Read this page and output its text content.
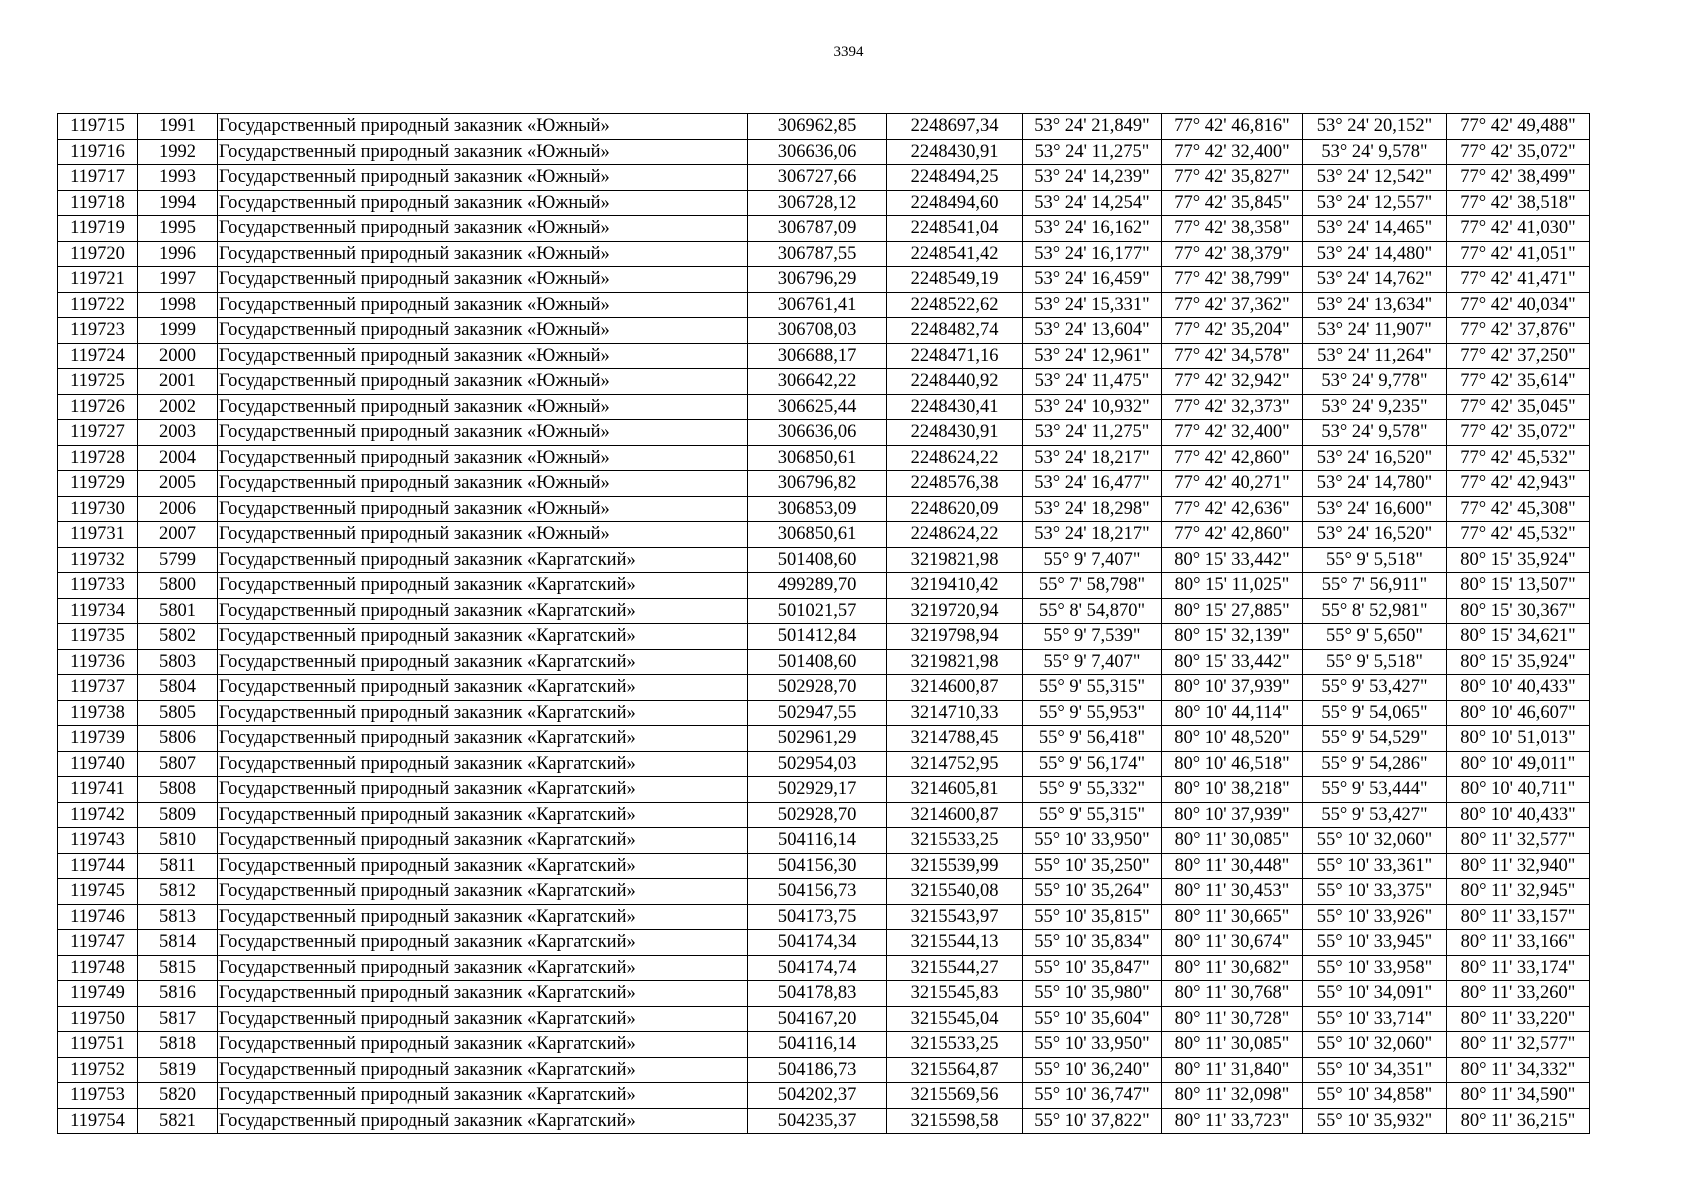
3394
119715	1991	Государственный природный заказник «Южный»	306962,85	2248697,34	53° 24' 21,849"	77° 42' 46,816"	53° 24' 20,152"	77° 42' 49,488"
119716	1992	Государственный природный заказник «Южный»	306636,06	2248430,91	53° 24' 11,275"	77° 42' 32,400"	53° 24' 9,578"	77° 42' 35,072"
119717	1993	Государственный природный заказник «Южный»	306727,66	2248494,25	53° 24' 14,239"	77° 42' 35,827"	53° 24' 12,542"	77° 42' 38,499"
119718	1994	Государственный природный заказник «Южный»	306728,12	2248494,60	53° 24' 14,254"	77° 42' 35,845"	53° 24' 12,557"	77° 42' 38,518"
119719	1995	Государственный природный заказник «Южный»	306787,09	2248541,04	53° 24' 16,162"	77° 42' 38,358"	53° 24' 14,465"	77° 42' 41,030"
119720	1996	Государственный природный заказник «Южный»	306787,55	2248541,42	53° 24' 16,177"	77° 42' 38,379"	53° 24' 14,480"	77° 42' 41,051"
119721	1997	Государственный природный заказник «Южный»	306796,29	2248549,19	53° 24' 16,459"	77° 42' 38,799"	53° 24' 14,762"	77° 42' 41,471"
119722	1998	Государственный природный заказник «Южный»	306761,41	2248522,62	53° 24' 15,331"	77° 42' 37,362"	53° 24' 13,634"	77° 42' 40,034"
119723	1999	Государственный природный заказник «Южный»	306708,03	2248482,74	53° 24' 13,604"	77° 42' 35,204"	53° 24' 11,907"	77° 42' 37,876"
119724	2000	Государственный природный заказник «Южный»	306688,17	2248471,16	53° 24' 12,961"	77° 42' 34,578"	53° 24' 11,264"	77° 42' 37,250"
119725	2001	Государственный природный заказник «Южный»	306642,22	2248440,92	53° 24' 11,475"	77° 42' 32,942"	53° 24' 9,778"	77° 42' 35,614"
119726	2002	Государственный природный заказник «Южный»	306625,44	2248430,41	53° 24' 10,932"	77° 42' 32,373"	53° 24' 9,235"	77° 42' 35,045"
119727	2003	Государственный природный заказник «Южный»	306636,06	2248430,91	53° 24' 11,275"	77° 42' 32,400"	53° 24' 9,578"	77° 42' 35,072"
119728	2004	Государственный природный заказник «Южный»	306850,61	2248624,22	53° 24' 18,217"	77° 42' 42,860"	53° 24' 16,520"	77° 42' 45,532"
119729	2005	Государственный природный заказник «Южный»	306796,82	2248576,38	53° 24' 16,477"	77° 42' 40,271"	53° 24' 14,780"	77° 42' 42,943"
119730	2006	Государственный природный заказник «Южный»	306853,09	2248620,09	53° 24' 18,298"	77° 42' 42,636"	53° 24' 16,600"	77° 42' 45,308"
119731	2007	Государственный природный заказник «Южный»	306850,61	2248624,22	53° 24' 18,217"	77° 42' 42,860"	53° 24' 16,520"	77° 42' 45,532"
119732	5799	Государственный природный заказник «Каргатский»	501408,60	3219821,98	55° 9' 7,407"	80° 15' 33,442"	55° 9' 5,518"	80° 15' 35,924"
119733	5800	Государственный природный заказник «Каргатский»	499289,70	3219410,42	55° 7' 58,798"	80° 15' 11,025"	55° 7' 56,911"	80° 15' 13,507"
119734	5801	Государственный природный заказник «Каргатский»	501021,57	3219720,94	55° 8' 54,870"	80° 15' 27,885"	55° 8' 52,981"	80° 15' 30,367"
119735	5802	Государственный природный заказник «Каргатский»	501412,84	3219798,94	55° 9' 7,539"	80° 15' 32,139"	55° 9' 5,650"	80° 15' 34,621"
119736	5803	Государственный природный заказник «Каргатский»	501408,60	3219821,98	55° 9' 7,407"	80° 15' 33,442"	55° 9' 5,518"	80° 15' 35,924"
119737	5804	Государственный природный заказник «Каргатский»	502928,70	3214600,87	55° 9' 55,315"	80° 10' 37,939"	55° 9' 53,427"	80° 10' 40,433"
119738	5805	Государственный природный заказник «Каргатский»	502947,55	3214710,33	55° 9' 55,953"	80° 10' 44,114"	55° 9' 54,065"	80° 10' 46,607"
119739	5806	Государственный природный заказник «Каргатский»	502961,29	3214788,45	55° 9' 56,418"	80° 10' 48,520"	55° 9' 54,529"	80° 10' 51,013"
119740	5807	Государственный природный заказник «Каргатский»	502954,03	3214752,95	55° 9' 56,174"	80° 10' 46,518"	55° 9' 54,286"	80° 10' 49,011"
119741	5808	Государственный природный заказник «Каргатский»	502929,17	3214605,81	55° 9' 55,332"	80° 10' 38,218"	55° 9' 53,444"	80° 10' 40,711"
119742	5809	Государственный природный заказник «Каргатский»	502928,70	3214600,87	55° 9' 55,315"	80° 10' 37,939"	55° 9' 53,427"	80° 10' 40,433"
119743	5810	Государственный природный заказник «Каргатский»	504116,14	3215533,25	55° 10' 33,950"	80° 11' 30,085"	55° 10' 32,060"	80° 11' 32,577"
119744	5811	Государственный природный заказник «Каргатский»	504156,30	3215539,99	55° 10' 35,250"	80° 11' 30,448"	55° 10' 33,361"	80° 11' 32,940"
119745	5812	Государственный природный заказник «Каргатский»	504156,73	3215540,08	55° 10' 35,264"	80° 11' 30,453"	55° 10' 33,375"	80° 11' 32,945"
119746	5813	Государственный природный заказник «Каргатский»	504173,75	3215543,97	55° 10' 35,815"	80° 11' 30,665"	55° 10' 33,926"	80° 11' 33,157"
119747	5814	Государственный природный заказник «Каргатский»	504174,34	3215544,13	55° 10' 35,834"	80° 11' 30,674"	55° 10' 33,945"	80° 11' 33,166"
119748	5815	Государственный природный заказник «Каргатский»	504174,74	3215544,27	55° 10' 35,847"	80° 11' 30,682"	55° 10' 33,958"	80° 11' 33,174"
119749	5816	Государственный природный заказник «Каргатский»	504178,83	3215545,83	55° 10' 35,980"	80° 11' 30,768"	55° 10' 34,091"	80° 11' 33,260"
119750	5817	Государственный природный заказник «Каргатский»	504167,20	3215545,04	55° 10' 35,604"	80° 11' 30,728"	55° 10' 33,714"	80° 11' 33,220"
119751	5818	Государственный природный заказник «Каргатский»	504116,14	3215533,25	55° 10' 33,950"	80° 11' 30,085"	55° 10' 32,060"	80° 11' 32,577"
119752	5819	Государственный природный заказник «Каргатский»	504186,73	3215564,87	55° 10' 36,240"	80° 11' 31,840"	55° 10' 34,351"	80° 11' 34,332"
119753	5820	Государственный природный заказник «Каргатский»	504202,37	3215569,56	55° 10' 36,747"	80° 11' 32,098"	55° 10' 34,858"	80° 11' 34,590"
119754	5821	Государственный природный заказник «Каргатский»	504235,37	3215598,58	55° 10' 37,822"	80° 11' 33,723"	55° 10' 35,932"	80° 11' 36,215"
